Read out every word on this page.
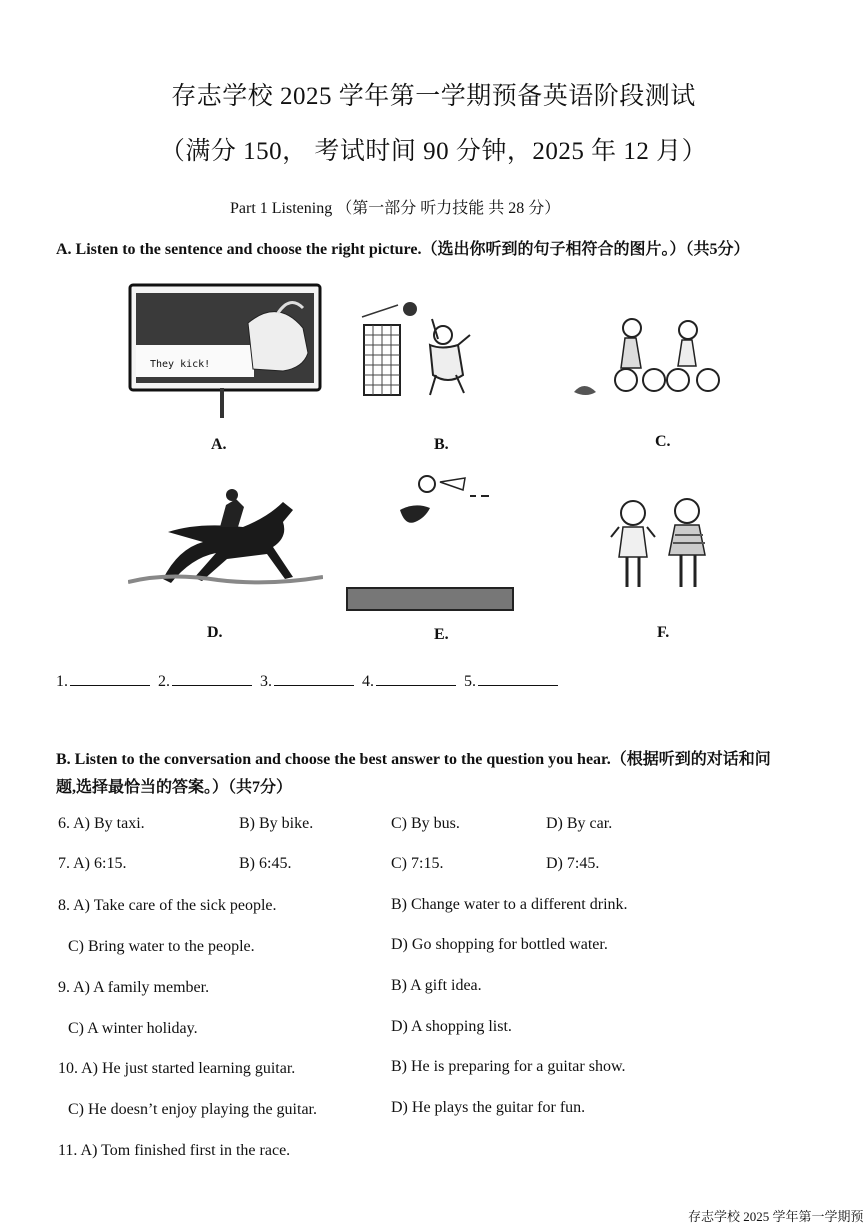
存志学校 2025 学年第一学期预备英语阶段测试
（满分 150， 考试时间 90 分钟，2025 年 12 月）
Part 1 Listening （第一部分 听力技能 共 28 分）
A. Listen to the sentence and choose the right picture.（选出你听到的句子相符合的图片。）（共5分）
They kick!
A.	B.	C.
D.	E.	F.
1.	2.	3.	4.	5.
B. Listen to the conversation and choose the best answer to the question you hear.（根据听到的对话和问
题,选择最恰当的答案。）（共7分）
6. A) By taxi.	B) By bike.	C) By bus.	D) By car.
7. A) 6:15.	B) 6:45.	C) 7:15.	D) 7:45.
8. A) Take care of the sick people.	B) Change water to a different drink.
C) Bring water to the people.	D) Go shopping for bottled water.
9. A) A family member.	B) A gift idea.
C) A winter holiday.	D) A shopping list.
10. A) He just started learning guitar.	B) He is preparing for a guitar show.
C) He doesn’t enjoy playing the guitar.	D) He plays the guitar for fun.
11. A) Tom finished first in the race.
存志学校 2025 学年第一学期预
